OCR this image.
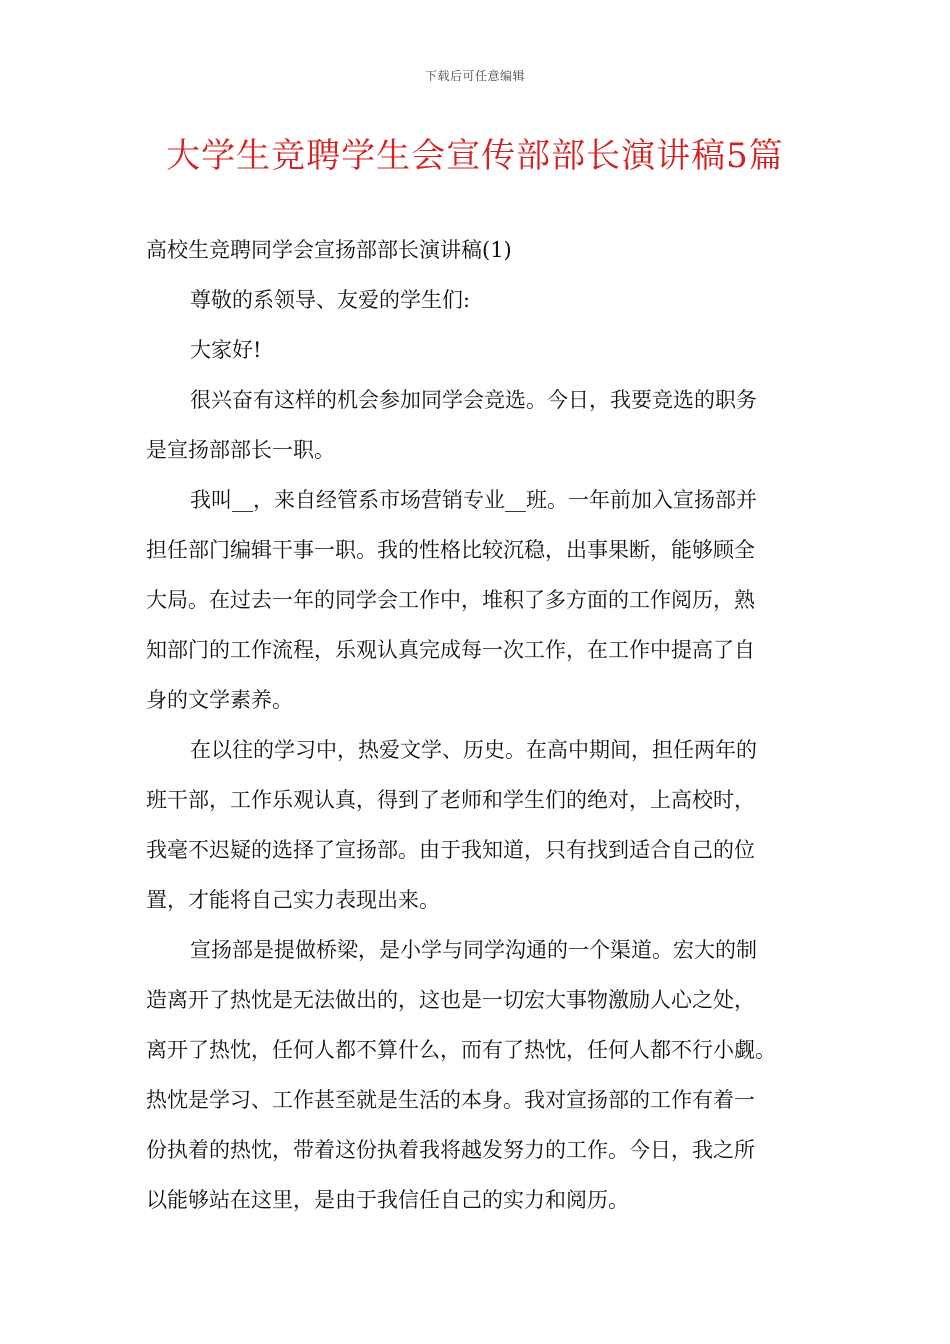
下载后可任意编辑
大学生竞聘学生会宣传部部长演讲稿5篇

高校生竞聘同学会宣扬部部长演讲稿(1)

尊敬的系领导、友爱的学生们:

大家好!

很兴奋有这样的机会参加同学会竞选。今日，我要竞选的职务

是宣扬部部长一职。

我叫__，来自经管系市场营销专业__班。一年前加入宣扬部并

担任部门编辑干事一职。我的性格比较沉稳，出事果断，能够顾全

大局。在过去一年的同学会工作中，堆积了多方面的工作阅历，熟

知部门的工作流程，乐观认真完成每一次工作，在工作中提高了自

身的文学素养。

在以往的学习中，热爱文学、历史。在高中期间，担任两年的

班干部，工作乐观认真，得到了老师和学生们的绝对，上高校时，

我毫不迟疑的选择了宣扬部。由于我知道，只有找到适合自己的位

置，才能将自己实力表现出来。

宣扬部是提做桥梁，是小学与同学沟通的一个渠道。宏大的制

造离开了热忱是无法做出的，这也是一切宏大事物激励人心之处，

离开了热忱，任何人都不算什么，而有了热忱，任何人都不行小觑。

热忱是学习、工作甚至就是生活的本身。我对宣扬部的工作有着一

份执着的热忱，带着这份执着我将越发努力的工作。今日，我之所

以能够站在这里，是由于我信任自己的实力和阅历。
